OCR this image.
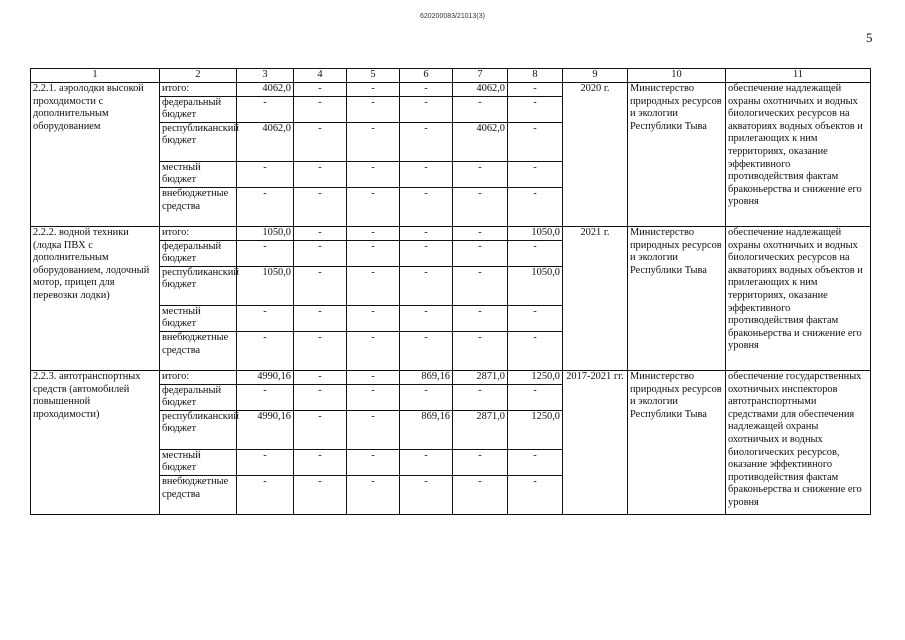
620200083/21013(3)
5
1	2	3	4	5	6	7	8	9	10	11
2.2.1. аэролодки высокой проходимости с дополнительным оборудованием	итого:	4062,0	-	-	-	4062,0	-	2020 г.	Министерство природных ресурсов и экологии Республики Тыва	обеспечение надлежащей охраны охотничьих и водных биологических ресурсов на акваториях водных объектов и прилегающих к ним территориях, оказание эффективного противодействия фактам браконьерства и снижение его уровня
	федеральный бюджет	-	-	-	-	-	-			
	республиканский бюджет	4062,0	-	-	-	4062,0	-			
	местный бюджет	-	-	-	-	-	-			
	внебюджетные средства	-	-	-	-	-	-			
2.2.2. водной техники (лодка ПВХ с дополнительным оборудованием, лодочный мотор, прицеп для перевозки лодки)	итого:	1050,0	-	-	-	-	1050,0	2021 г.	Министерство природных ресурсов и экологии Республики Тыва	обеспечение надлежащей охраны охотничьих и водных биологических ресурсов на акваториях водных объектов и прилегающих к ним территориях, оказание эффективного противодействия фактам браконьерства и снижение его уровня
	федеральный бюджет	-	-	-	-	-	-			
	республиканский бюджет	1050,0	-	-	-	-	1050,0			
	местный бюджет	-	-	-	-	-	-			
	внебюджетные средства	-	-	-	-	-	-			
2.2.3. автотранспортных средств (автомобилей повышенной проходимости)	итого:	4990,16	-	-	869,16	2871,0	1250,0	2017-2021 гг.	Министерство природных ресурсов и экологии Республики Тыва	обеспечение государственных охотничьих инспекторов автотранспортными средствами для обеспечения надлежащей охраны охотничьих и водных биологических ресурсов, оказание эффективного противодействия фактам браконьерства и снижение его уровня
	федеральный бюджет	-	-	-	-	-	-			
	республиканский бюджет	4990,16	-	-	869,16	2871,0	1250,0			
	местный бюджет	-	-	-	-	-	-			
	внебюджетные средства	-	-	-	-	-	-			
